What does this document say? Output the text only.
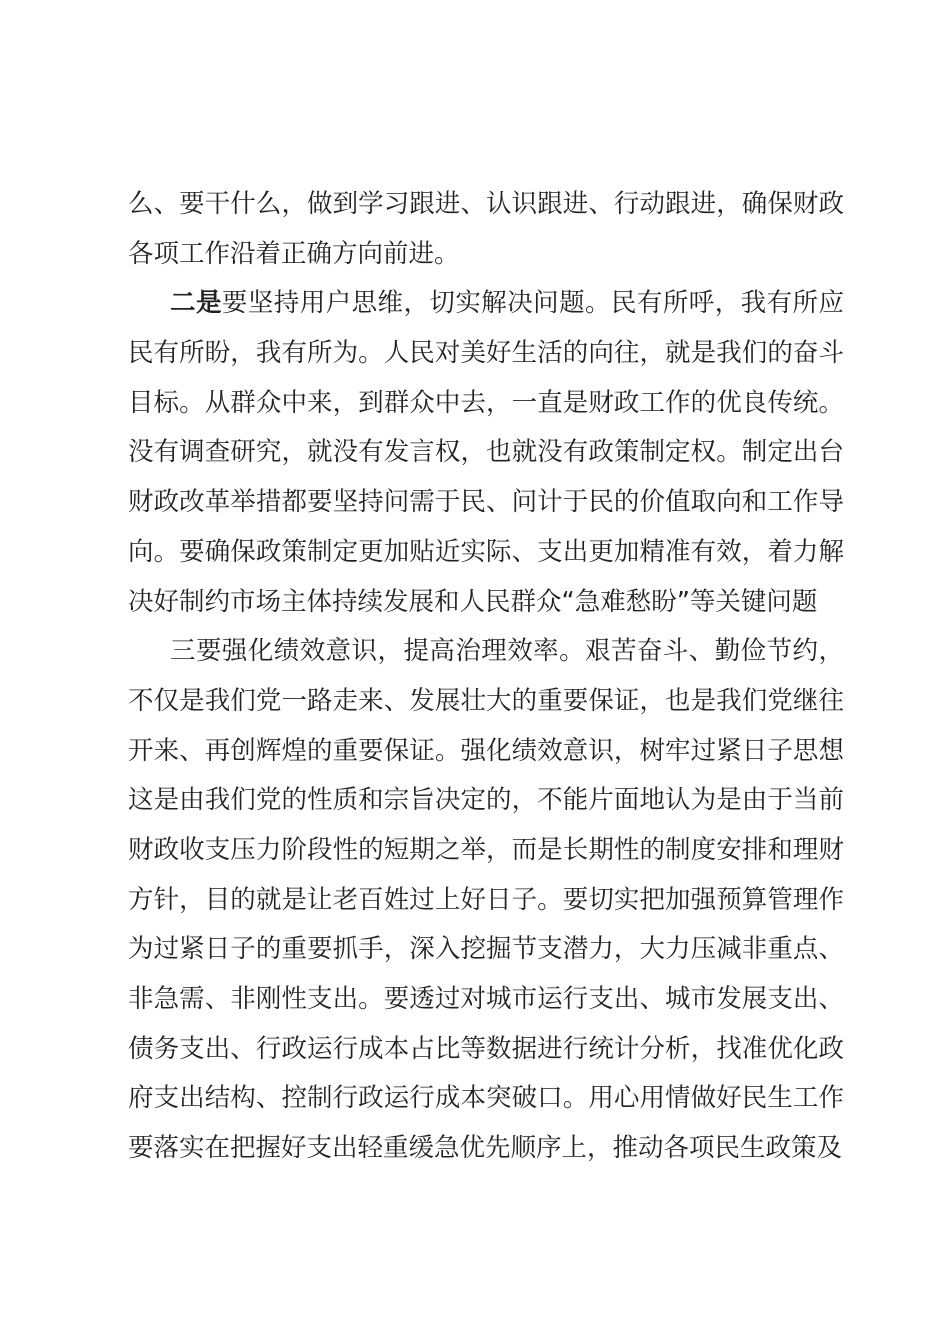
么、要干什么，做到学习跟进、认识跟进、行动跟进，确保财政
各项工作沿着正确方向前进。
二是要坚持用户思维，切实解决问题。民有所呼，我有所应
民有所盼，我有所为。人民对美好生活的向往，就是我们的奋斗
目标。从群众中来，到群众中去，一直是财政工作的优良传统。
没有调查研究，就没有发言权，也就没有政策制定权。制定出台
财政改革举措都要坚持问需于民、问计于民的价值取向和工作导
向。要确保政策制定更加贴近实际、支出更加精准有效，着力解
决好制约市场主体持续发展和人民群众“急难愁盼”等关键问题
三要强化绩效意识，提高治理效率。艰苦奋斗、勤俭节约，
不仅是我们党一路走来、发展壮大的重要保证，也是我们党继往
开来、再创辉煌的重要保证。强化绩效意识，树牢过紧日子思想
这是由我们党的性质和宗旨决定的，不能片面地认为是由于当前
财政收支压力阶段性的短期之举，而是长期性的制度安排和理财
方针，目的就是让老百姓过上好日子。要切实把加强预算管理作
为过紧日子的重要抓手，深入挖掘节支潜力，大力压减非重点、
非急需、非刚性支出。要透过对城市运行支出、城市发展支出、
债务支出、行政运行成本占比等数据进行统计分析，找准优化政
府支出结构、控制行政运行成本突破口。用心用情做好民生工作
要落实在把握好支出轻重缓急优先顺序上，推动各项民生政策及
